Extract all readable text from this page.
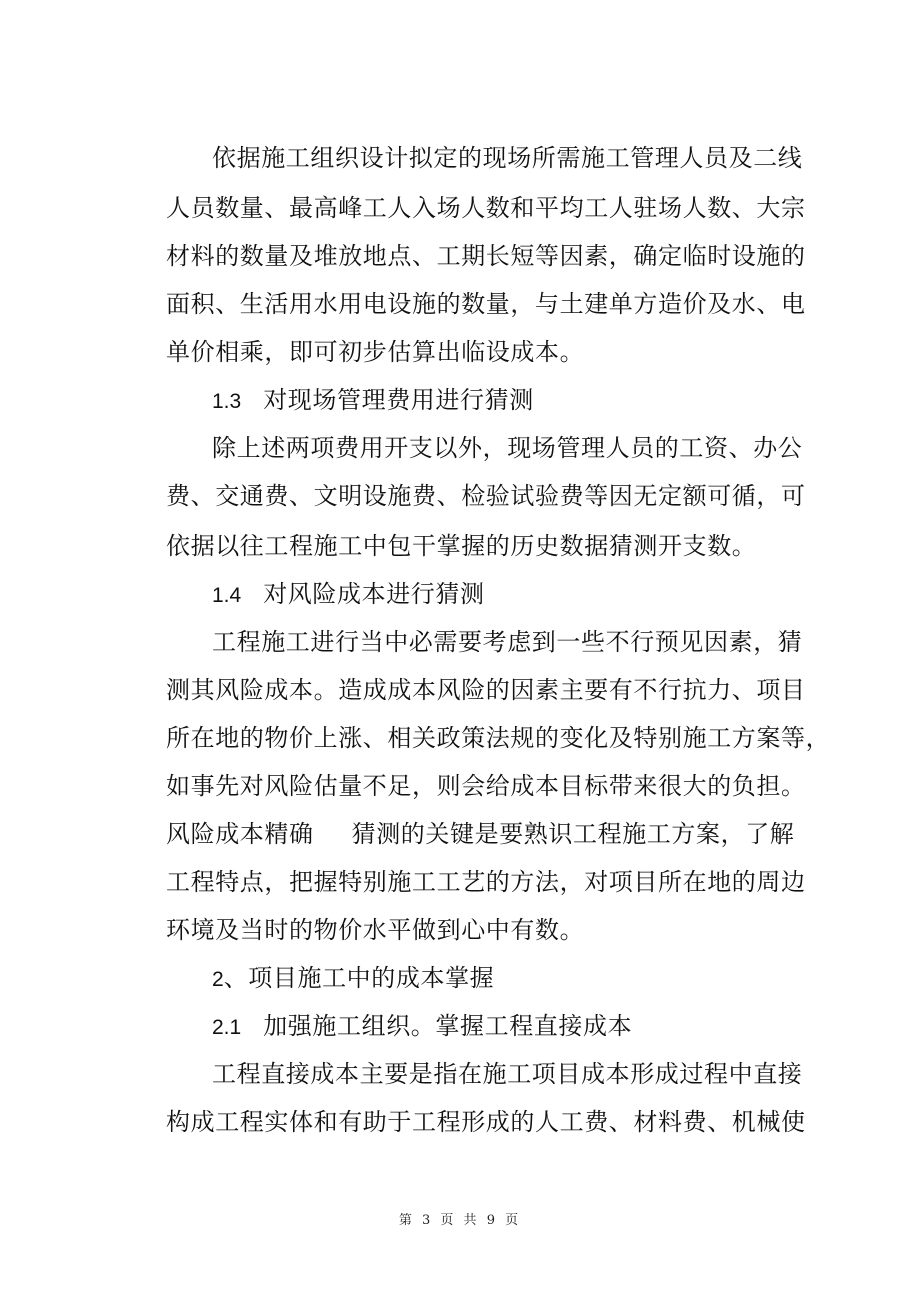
依据施工组织设计拟定的现场所需施工管理人员及二线
人员数量、最高峰工人入场人数和平均工人驻场人数、大宗
材料的数量及堆放地点、工期长短等因素，确定临时设施的
面积、生活用水用电设施的数量，与土建单方造价及水、电
单价相乘，即可初步估算出临设成本。
1.3 对现场管理费用进行猜测
除上述两项费用开支以外，现场管理人员的工资、办公
费、交通费、文明设施费、检验试验费等因无定额可循，可
依据以往工程施工中包干掌握的历史数据猜测开支数。
1.4 对风险成本进行猜测
工程施工进行当中必需要考虑到一些不行预见因素，猜
测其风险成本。造成成本风险的因素主要有不行抗力、项目
所在地的物价上涨、相关政策法规的变化及特别施工方案等，
如事先对风险估量不足，则会给成本目标带来很大的负担。
风险成本精确 猜测的关键是要熟识工程施工方案，了解
工程特点，把握特别施工工艺的方法，对项目所在地的周边
环境及当时的物价水平做到心中有数。
2、项目施工中的成本掌握
2.1 加强施工组织。掌握工程直接成本
工程直接成本主要是指在施工项目成本形成过程中直接
构成工程实体和有助于工程形成的人工费、材料费、机械使
第 3 页 共 9 页
